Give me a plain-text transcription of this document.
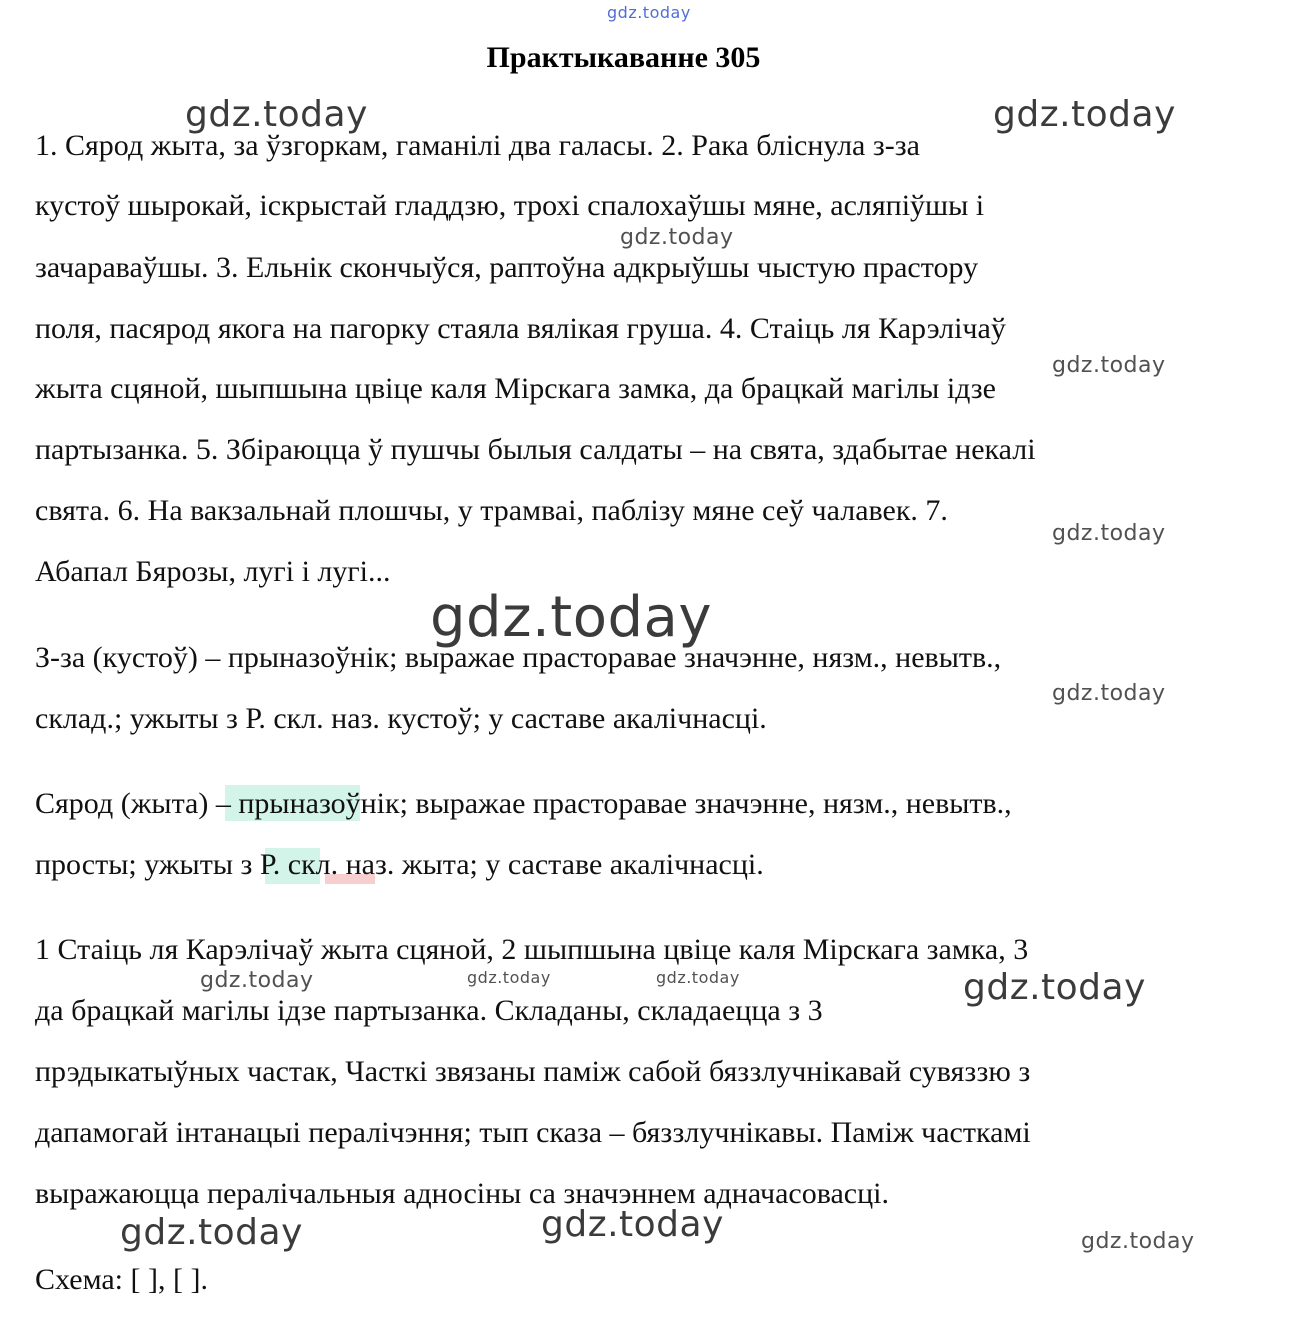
Практыкаванне 305
1. Сярод жыта, за ўзгоркам, гаманілі два галасы. 2. Рака бліснула з-за
кустоў шырокай, іскрыстай гладдзю, трохі спалохаўшы мяне, асляпіўшы і
зачараваўшы. 3. Ельнік скончыўся, раптоўна адкрыўшы чыстую прастору
поля, пасярод якога на пагорку стаяла вялікая груша. 4. Стаіць ля Карэлічаў
жыта сцяной, шыпшына цвіце каля Мірскага замка, да брацкай магілы ідзе
партызанка. 5. Збіраюцца ў пушчы былыя салдаты – на свята, здабытае некалі
свята. 6. На вакзальнай плошчы, у трамваі, паблізу мяне сеў чалавек. 7.
Абапал Бярозы, лугі і лугі...
З-за (кустоў) – прыназоўнік; выражае прасторавае значэнне, нязм., невытв.,
склад.; ужыты з Р. скл. наз. кустоў; у саставе акалічнасці.
Сярод (жыта) – прыназоўнік; выражае прасторавае значэнне, нязм., невытв.,
просты; ужыты з Р. скл. наз. жыта; у саставе акалічнасці.
1 Стаіць ля Карэлічаў жыта сцяной, 2 шыпшына цвіце каля Мірскага замка, 3
да брацкай магілы ідзе партызанка. Складаны, складаецца з 3
прэдыкатыўных частак, Часткі звязаны паміж сабой бяззлучнікавай сувяззю з
дапамогай інтанацыі пералічэння; тып сказа – бяззлучнікавы. Паміж часткамі
выражаюцца пералічальныя адносіны са значэннем адначасовасці.
Схема: [ ], [ ].
gdz.today
gdz.today	gdz.today
gdz.today
gdz.today
gdz.today
gdz.today
gdz.today
gdz.today	gdz.today	gdz.today	gdz.today
gdz.today	gdz.today	gdz.today
